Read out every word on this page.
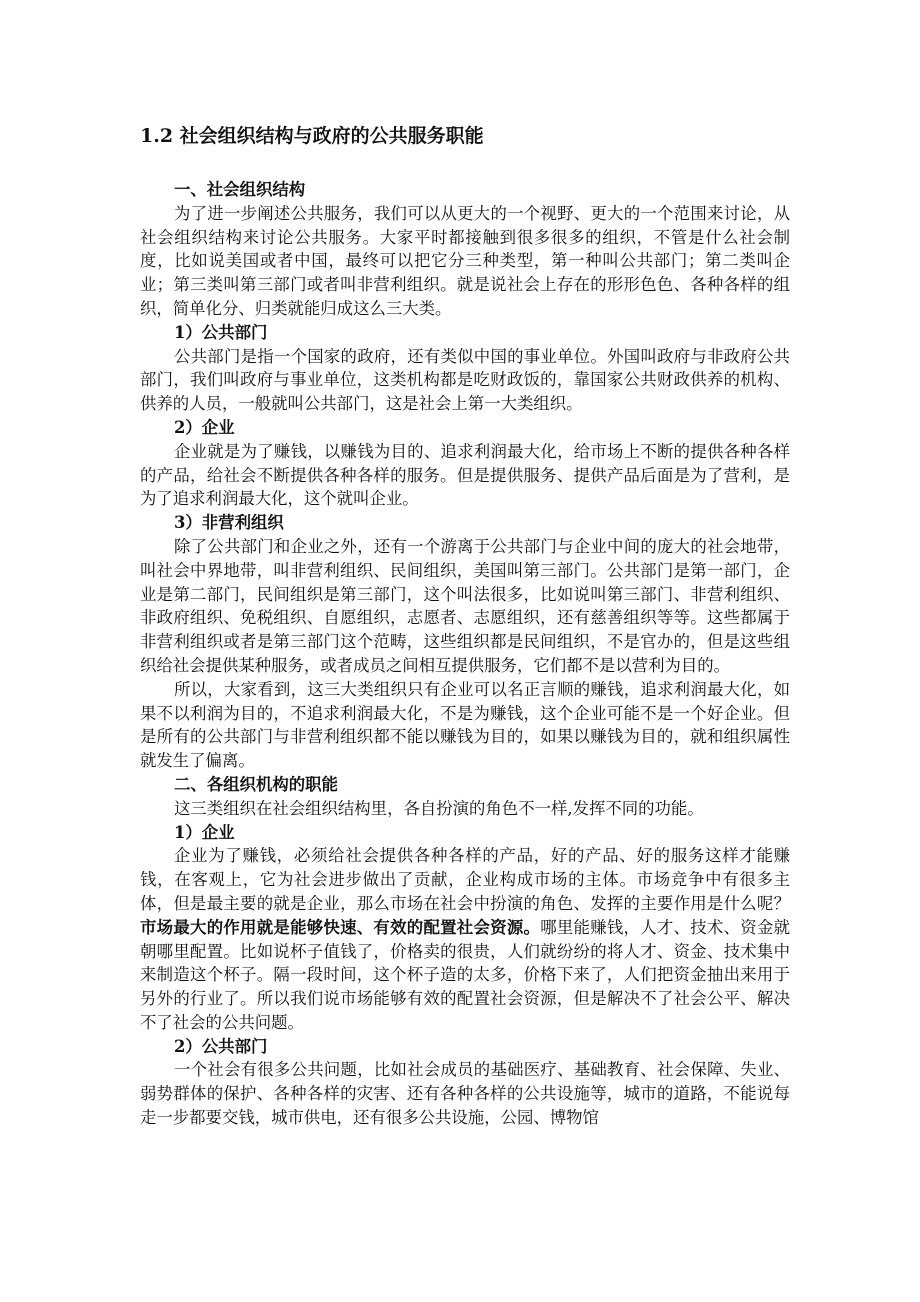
1.2 社会组织结构与政府的公共服务职能

一、社会组织结构

为了进一步阐述公共服务，我们可以从更大的一个视野、更大的一个范围来讨论，从社会组织结构来讨论公共服务。大家平时都接触到很多很多的组织，不管是什么社会制度，比如说美国或者中国，最终可以把它分三种类型，第一种叫公共部门；第二类叫企业；第三类叫第三部门或者叫非营利组织。就是说社会上存在的形形色色、各种各样的组织，简单化分、归类就能归成这么三大类。

1）公共部门

公共部门是指一个国家的政府，还有类似中国的事业单位。外国叫政府与非政府公共部门，我们叫政府与事业单位，这类机构都是吃财政饭的，靠国家公共财政供养的机构、供养的人员，一般就叫公共部门，这是社会上第一大类组织。

2）企业

企业就是为了赚钱，以赚钱为目的、追求利润最大化，给市场上不断的提供各种各样的产品，给社会不断提供各种各样的服务。但是提供服务、提供产品后面是为了营利，是为了追求利润最大化，这个就叫企业。

3）非营利组织

除了公共部门和企业之外，还有一个游离于公共部门与企业中间的庞大的社会地带，叫社会中界地带，叫非营利组织、民间组织，美国叫第三部门。公共部门是第一部门，企业是第二部门，民间组织是第三部门，这个叫法很多，比如说叫第三部门、非营利组织、非政府组织、免税组织、自愿组织，志愿者、志愿组织，还有慈善组织等等。这些都属于非营利组织或者是第三部门这个范畴，这些组织都是民间组织，不是官办的，但是这些组织给社会提供某种服务，或者成员之间相互提供服务，它们都不是以营利为目的。

所以，大家看到，这三大类组织只有企业可以名正言顺的赚钱，追求利润最大化，如果不以利润为目的，不追求利润最大化，不是为赚钱，这个企业可能不是一个好企业。但是所有的公共部门与非营利组织都不能以赚钱为目的，如果以赚钱为目的，就和组织属性就发生了偏离。

二、各组织机构的职能

这三类组织在社会组织结构里，各自扮演的角色不一样,发挥不同的功能。

1）企业

企业为了赚钱，必须给社会提供各种各样的产品，好的产品、好的服务这样才能赚钱，在客观上，它为社会进步做出了贡献，企业构成市场的主体。市场竞争中有很多主体，但是最主要的就是企业，那么市场在社会中扮演的角色、发挥的主要作用是什么呢？市场最大的作用就是能够快速、有效的配置社会资源。哪里能赚钱，人才、技术、资金就朝哪里配置。比如说杯子值钱了，价格卖的很贵，人们就纷纷的将人才、资金、技术集中来制造这个杯子。隔一段时间，这个杯子造的太多，价格下来了，人们把资金抽出来用于另外的行业了。所以我们说市场能够有效的配置社会资源，但是解决不了社会公平、解决不了社会的公共问题。

2）公共部门

一个社会有很多公共问题，比如社会成员的基础医疗、基础教育、社会保障、失业、弱势群体的保护、各种各样的灾害、还有各种各样的公共设施等，城市的道路，不能说每走一步都要交钱，城市供电，还有很多公共设施，公园、博物馆
